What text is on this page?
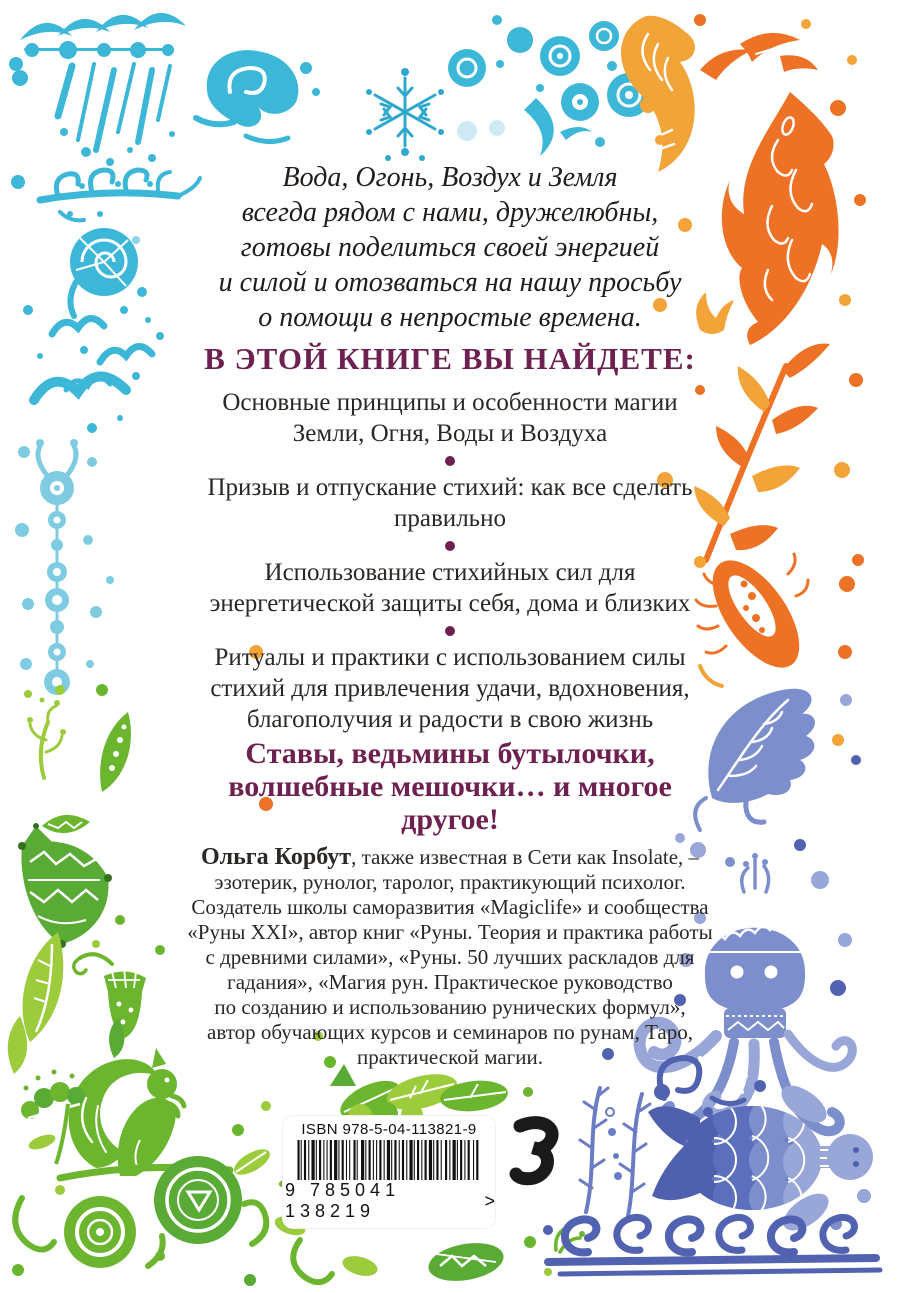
Вода, Огонь, Воздух и Земля
всегда рядом с нами, дружелюбны,
готовы поделиться своей энергией
и силой и отозваться на нашу просьбу
о помощи в непростые времена.
В ЭТОЙ КНИГЕ ВЫ НАЙДЕТЕ:
Основные принципы и особенности магии
Земли, Огня, Воды и Воздуха
Призыв и отпускание стихий: как все сделать
правильно
Использование стихийных сил для
энергетической защиты себя, дома и близких
Ритуалы и практики с использованием силы
стихий для привлечения удачи, вдохновения,
благополучия и радости в свою жизнь
Ставы, ведьмины бутылочки,
волшебные мешочки… и многое
другое!
Ольга Корбут, также известная в Сети как Insolate, –
эзотерик, рунолог, таролог, практикующий психолог.
Создатель школы саморазвития «Magiclife» и сообщества
«Руны XXI», автор книг «Руны. Теория и практика работы
с древними силами», «Руны. 50 лучших раскладов для
гадания», «Магия рун. Практическое руководство
по созданию и использованию рунических формул»,
автор обучающих курсов и семинаров по рунам, Таро,
практической магии.
ISBN 978-5-04-113821-9
9 785041 138219
>
